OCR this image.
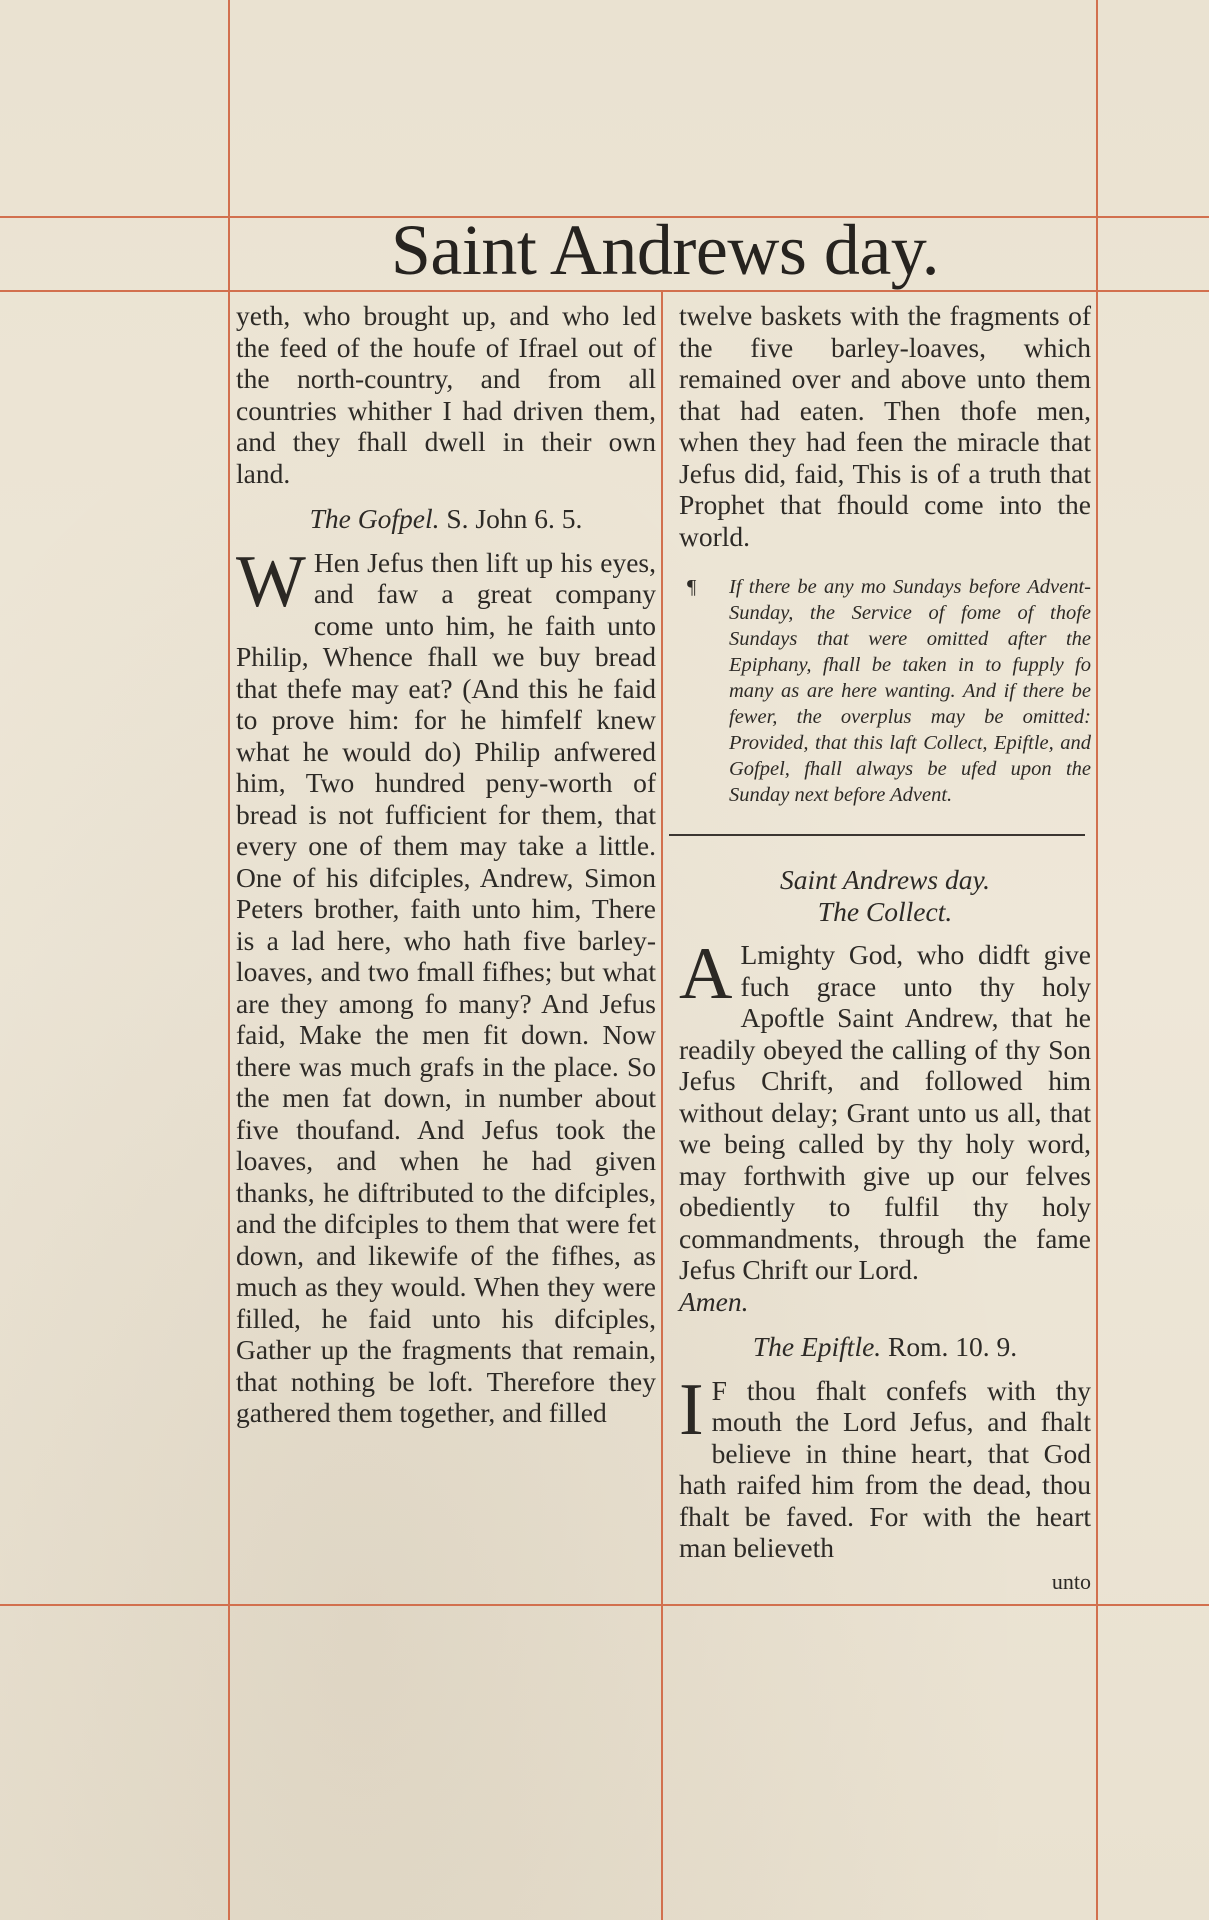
Saint Andrews day.

yeth, who brought up, and who led the feed of the houfe of Ifrael out of the north-country, and from all countries whither I had driven them, and they fhall dwell in their own land.

The Gofpel. S. John 6. 5.
W Hen Jefus then lift up his eyes, and faw a great company come unto him, he faith unto Philip, Whence fhall we buy bread that thefe may eat? (And this he faid to prove him: for he himfelf knew what he would do) Philip anfwered him, Two hundred peny-worth of bread is not fufficient for them, that every one of them may take a little. One of his difciples, Andrew, Simon Peters brother, faith unto him, There is a lad here, who hath five barley-loaves, and two fmall fifhes; but what are they among fo many? And Jefus faid, Make the men fit down. Now there was much grafs in the place. So the men fat down, in number about five thoufand. And Jefus took the loaves, and when he had given thanks, he diftributed to the difciples, and the difciples to them that were fet down, and likewife of the fifhes, as much as they would. When they were filled, he faid unto his difciples, Gather up the fragments that remain, that nothing be loft. Therefore they gathered them together, and filled

twelve baskets with the fragments of the five barley-loaves, which remained over and above unto them that had eaten. Then thofe men, when they had feen the miracle that Jefus did, faid, This is of a truth that Prophet that fhould come into the world.

¶ If there be any mo Sundays before Advent-Sunday, the Service of fome of thofe Sundays that were omitted after the Epiphany, fhall be taken in to fupply fo many as are here wanting. And if there be fewer, the overplus may be omitted: Provided, that this laft Collect, Epiftle, and Gofpel, fhall always be ufed upon the Sunday next before Advent.
Saint Andrews day.
The Collect.
A Lmighty God, who didft give fuch grace unto thy holy Apoftle Saint Andrew, that he readily obeyed the calling of thy Son Jefus Chrift, and followed him without delay; Grant unto us all, that we being called by thy holy word, may forthwith give up our felves obediently to fulfil thy holy commandments, through the fame Jefus Chrift our Lord.

Amen.

The Epiftle. Rom. 10. 9.
I F thou fhalt confefs with thy mouth the Lord Jefus, and fhalt believe in thine heart, that God hath raifed him from the dead, thou fhalt be faved. For with the heart man believeth

unto
